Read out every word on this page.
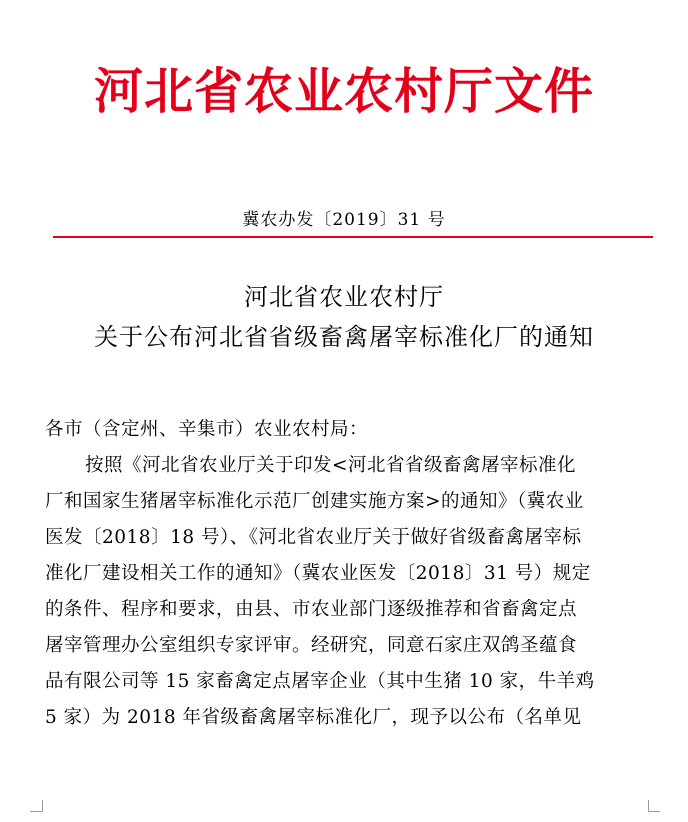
河北省农业农村厅文件
冀农办发〔2019〕31 号
河北省农业农村厅
关于公布河北省省级畜禽屠宰标准化厂的通知
各市（含定州、辛集市）农业农村局：
按照《河北省农业厅关于印发<河北省省级畜禽屠宰标准化
厂和国家生猪屠宰标准化示范厂创建实施方案>的通知》（冀农业
医发〔2018〕18 号）、《河北省农业厅关于做好省级畜禽屠宰标
准化厂建设相关工作的通知》（冀农业医发〔2018〕31 号）规定
的条件、程序和要求，由县、市农业部门逐级推荐和省畜禽定点
屠宰管理办公室组织专家评审。经研究，同意石家庄双鸽圣蕴食
品有限公司等 15 家畜禽定点屠宰企业（其中生猪 10 家，牛羊鸡
5 家）为 2018 年省级畜禽屠宰标准化厂，现予以公布（名单见
